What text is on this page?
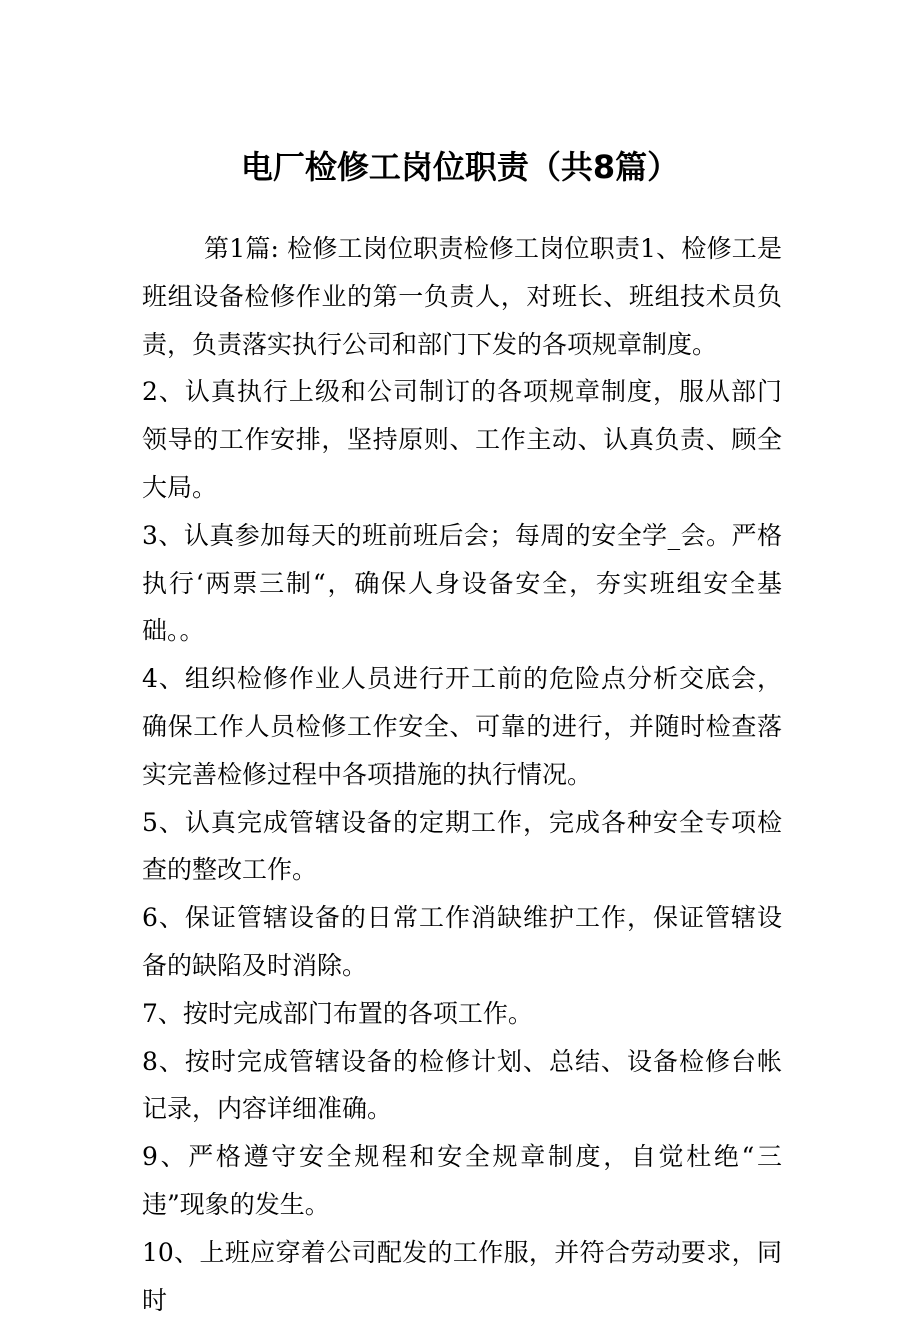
电厂检修工岗位职责（共8篇）

第1篇: 检修工岗位职责检修工岗位职责1、检修工是班组设备检修作业的第一负责人，对班长、班组技术员负责，负责落实执行公司和部门下发的各项规章制度。

2、认真执行上级和公司制订的各项规章制度，服从部门领导的工作安排，坚持原则、工作主动、认真负责、顾全大局。

3、认真参加每天的班前班后会；每周的安全学_会。严格执行‘两票三制“，确保人身设备安全，夯实班组安全基础。。

4、组织检修作业人员进行开工前的危险点分析交底会，确保工作人员检修工作安全、可靠的进行，并随时检查落实完善检修过程中各项措施的执行情况。

5、认真完成管辖设备的定期工作，完成各种安全专项检查的整改工作。

6、保证管辖设备的日常工作消缺维护工作，保证管辖设备的缺陷及时消除。

7、按时完成部门布置的各项工作。

8、按时完成管辖设备的检修计划、总结、设备检修台帐记录，内容详细准确。

9、严格遵守安全规程和安全规章制度，自觉杜绝“三违”现象的发生。

10、上班应穿着公司配发的工作服，并符合劳动要求，同时
